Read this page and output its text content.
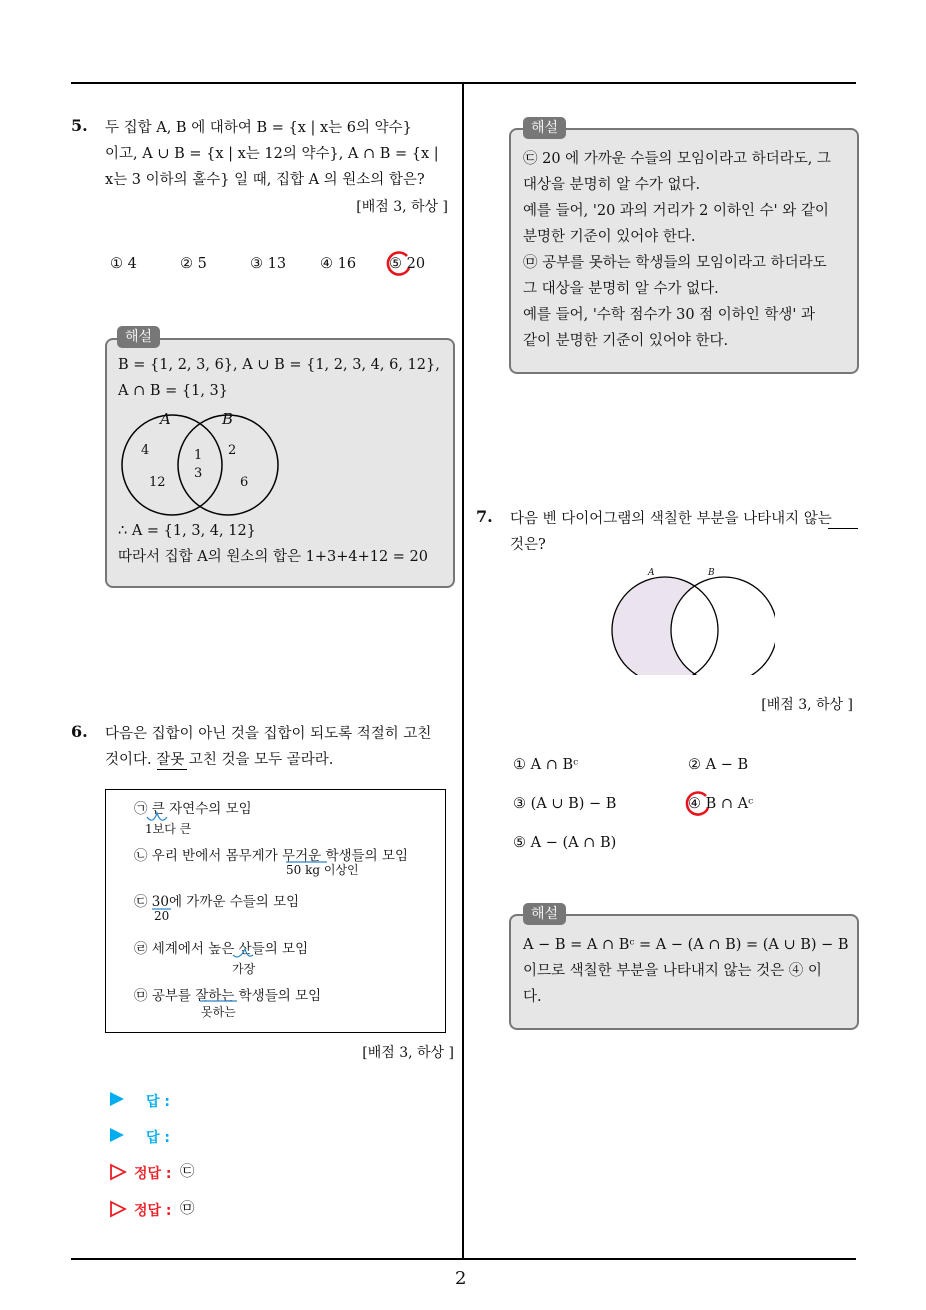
2
5. 두 집합 A, B 에 대하여 B = {x | x는 6의 약수}
이고, A ∪ B = {x | x는 12의 약수}, A ∩ B = {x |
x는 3 이하의 홀수} 일 때, 집합 A 의 원소의 합은?
[배점 3, 하상 ]
① 4	② 5	③ 13 ④ 16 ⑤ 20
해설
B = {1, 2, 3, 6}, A ∪ B = {1, 2, 3, 4, 6, 12},
A ∩ B = {1, 3}
A	B
4
12
1
3
2
6
∴ A = {1, 3, 4, 12}
따라서 집합 A의 원소의 합은 1+3+4+12 = 20
6. 다음은 집합이 아닌 것을 집합이 되도록 적절히 고친
것이다. 잘못 고친 것을 모두 골라라.
㉠ 큰 자연수의 모임
1보다 큰
㉡ 우리 반에서 몸무게가 무거운 학생들의 모임
50 kg 이상인
㉢ 30에 가까운 수들의 모임
20
㉣ 세계에서 높은 산들의 모임
가장
㉤ 공부를 잘하는 학생들의 모임
못하는
[배점 3, 하상 ]
답 :
답 :
정답 : ㉢
정답 : ㉤
해설
㉢ 20 에 가까운 수들의 모임이라고 하더라도, 그
대상을 분명히 알 수가 없다.
예를 들어, '20 과의 거리가 2 이하인 수' 와 같이
분명한 기준이 있어야 한다.
㉤ 공부를 못하는 학생들의 모임이라고 하더라도
그 대상을 분명히 알 수가 없다.
예를 들어, '수학 점수가 30 점 이하인 학생' 과
같이 분명한 기준이 있어야 한다.
7. 다음 벤 다이어그램의 색칠한 부분을 나타내지 않는
것은?
A	B
[배점 3, 하상 ]
① A ∩ Bᶜ	② A − B
③ (A ∪ B) − B	④ B ∩ Aᶜ
⑤ A − (A ∩ B)
해설
A − B = A ∩ Bᶜ = A − (A ∩ B) = (A ∪ B) − B
이므로 색칠한 부분을 나타내지 않는 것은 ④ 이
다.
